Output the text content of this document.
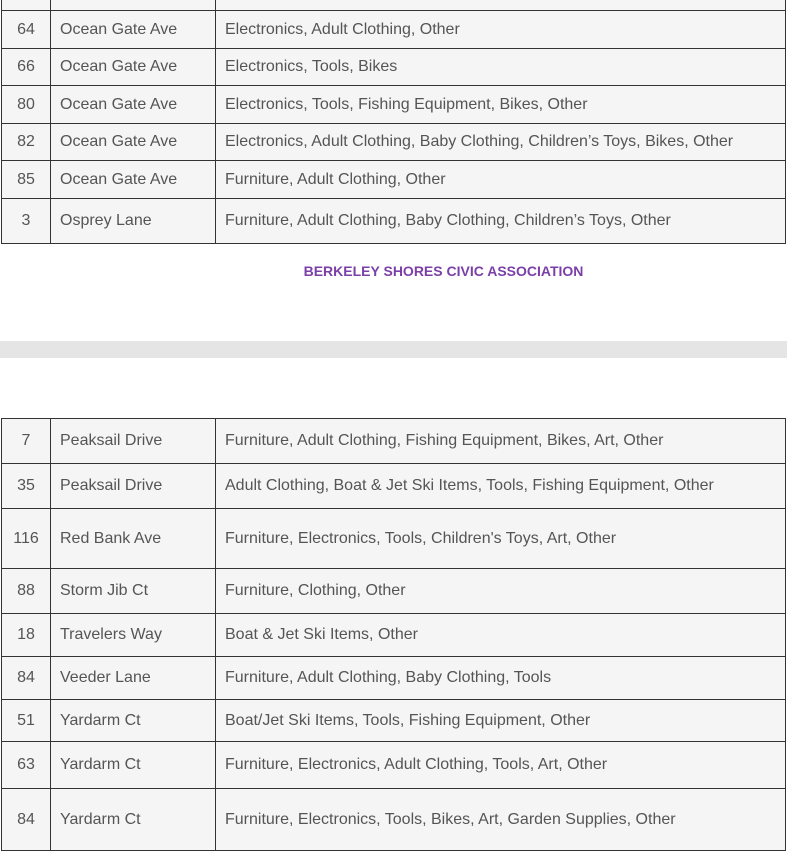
64	Ocean Gate Ave	Electronics, Adult Clothing, Other
66	Ocean Gate Ave	Electronics, Tools, Bikes
80	Ocean Gate Ave	Electronics, Tools, Fishing Equipment, Bikes, Other
82	Ocean Gate Ave	Electronics, Adult Clothing, Baby Clothing, Children’s Toys, Bikes, Other
85	Ocean Gate Ave	Furniture, Adult Clothing, Other
3	Osprey Lane	Furniture, Adult Clothing, Baby Clothing, Children’s Toys, Other
BERKELEY SHORES CIVIC ASSOCIATION
7	Peaksail Drive	Furniture, Adult Clothing, Fishing Equipment, Bikes, Art, Other
35	Peaksail Drive	Adult Clothing, Boat & Jet Ski Items, Tools, Fishing Equipment, Other
116	Red Bank Ave	Furniture, Electronics, Tools, Children's Toys, Art, Other
88	Storm Jib Ct	Furniture, Clothing, Other
18	Travelers Way	Boat & Jet Ski Items, Other
84	Veeder Lane	Furniture, Adult Clothing, Baby Clothing, Tools
51	Yardarm Ct	Boat/Jet Ski Items, Tools, Fishing Equipment, Other
63	Yardarm Ct	Furniture, Electronics, Adult Clothing, Tools, Art, Other
84	Yardarm Ct	Furniture, Electronics, Tools, Bikes, Art, Garden Supplies, Other
